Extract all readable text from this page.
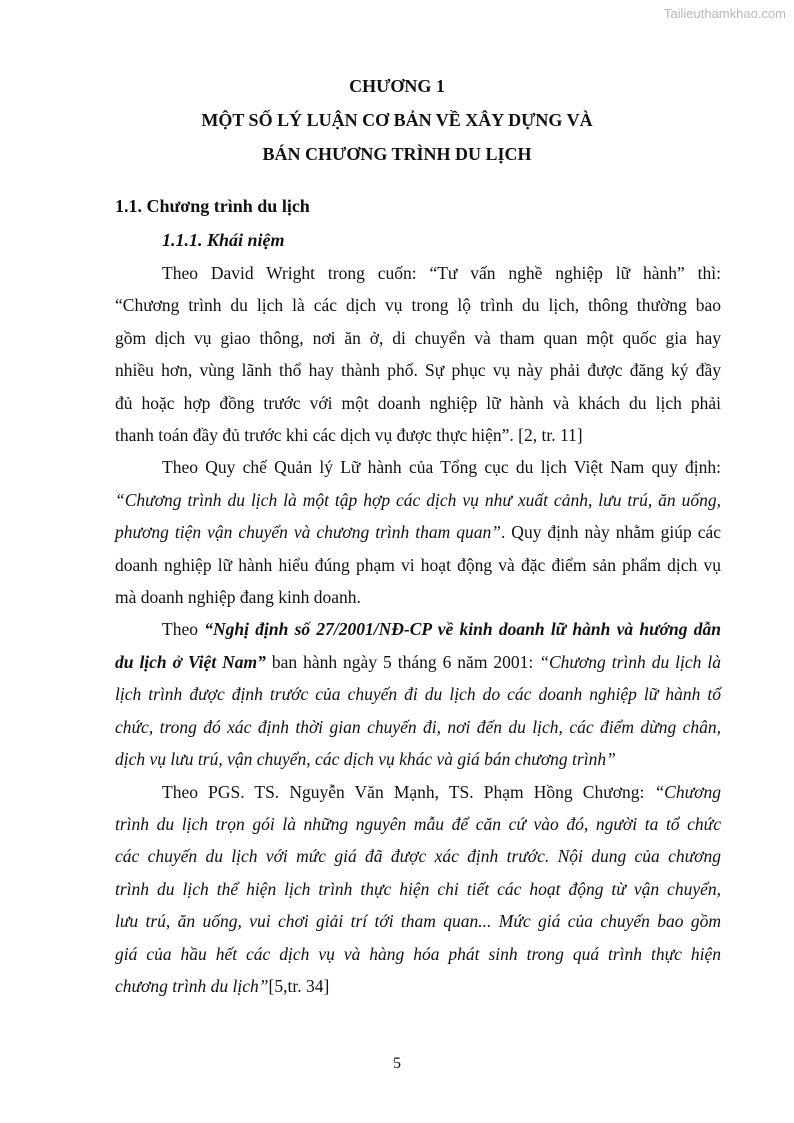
Tailieuthamkhao.com
CHƯƠNG 1
MỘT SỐ LÝ LUẬN CƠ BẢN VỀ XÂY DỰNG VÀ
BÁN CHƯƠNG TRÌNH DU LỊCH
1.1. Chương trình du lịch
1.1.1. Khái niệm
Theo David Wright trong cuốn: “Tư vấn nghề nghiệp lữ hành” thì:
“Chương trình du lịch là các dịch vụ trong lộ trình du lịch, thông thường bao
gồm dịch vụ giao thông, nơi ăn ở, di chuyển và tham quan một quốc gia hay
nhiều hơn, vùng lãnh thổ hay thành phố. Sự phục vụ này phải được đăng ký đầy
đủ hoặc hợp đồng trước với một doanh nghiệp lữ hành và khách du lịch phải
thanh toán đầy đủ trước khi các dịch vụ được thực hiện”. [2, tr. 11]
Theo Quy chế Quản lý Lữ hành của Tổng cục du lịch Việt Nam quy định:
“Chương trình du lịch là một tập hợp các dịch vụ như xuất cảnh, lưu trú, ăn uống,
phương tiện vận chuyển và chương trình tham quan”. Quy định này nhằm giúp các
doanh nghiệp lữ hành hiểu đúng phạm vi hoạt động và đặc điểm sản phẩm dịch vụ
mà doanh nghiệp đang kinh doanh.
Theo “Nghị định số 27/2001/NĐ-CP về kinh doanh lữ hành và hướng dẫn
du lịch ở Việt Nam” ban hành ngày 5 tháng 6 năm 2001: “Chương trình du lịch là
lịch trình được định trước của chuyến đi du lịch do các doanh nghiệp lữ hành tổ
chức, trong đó xác định thời gian chuyến đi, nơi đến du lịch, các điểm dừng chân,
dịch vụ lưu trú, vận chuyển, các dịch vụ khác và giá bán chương trình”
Theo PGS. TS. Nguyễn Văn Mạnh, TS. Phạm Hồng Chương: “Chương
trình du lịch trọn gói là những nguyên mẫu để căn cứ vào đó, người ta tổ chức
các chuyến du lịch với mức giá đã được xác định trước. Nội dung của chương
trình du lịch thể hiện lịch trình thực hiện chi tiết các hoạt động từ vận chuyển,
lưu trú, ăn uống, vui chơi giải trí tới tham quan... Mức giá của chuyến bao gồm
giá của hầu hết các dịch vụ và hàng hóa phát sinh trong quá trình thực hiện
chương trình du lịch”[5,tr. 34]
5
